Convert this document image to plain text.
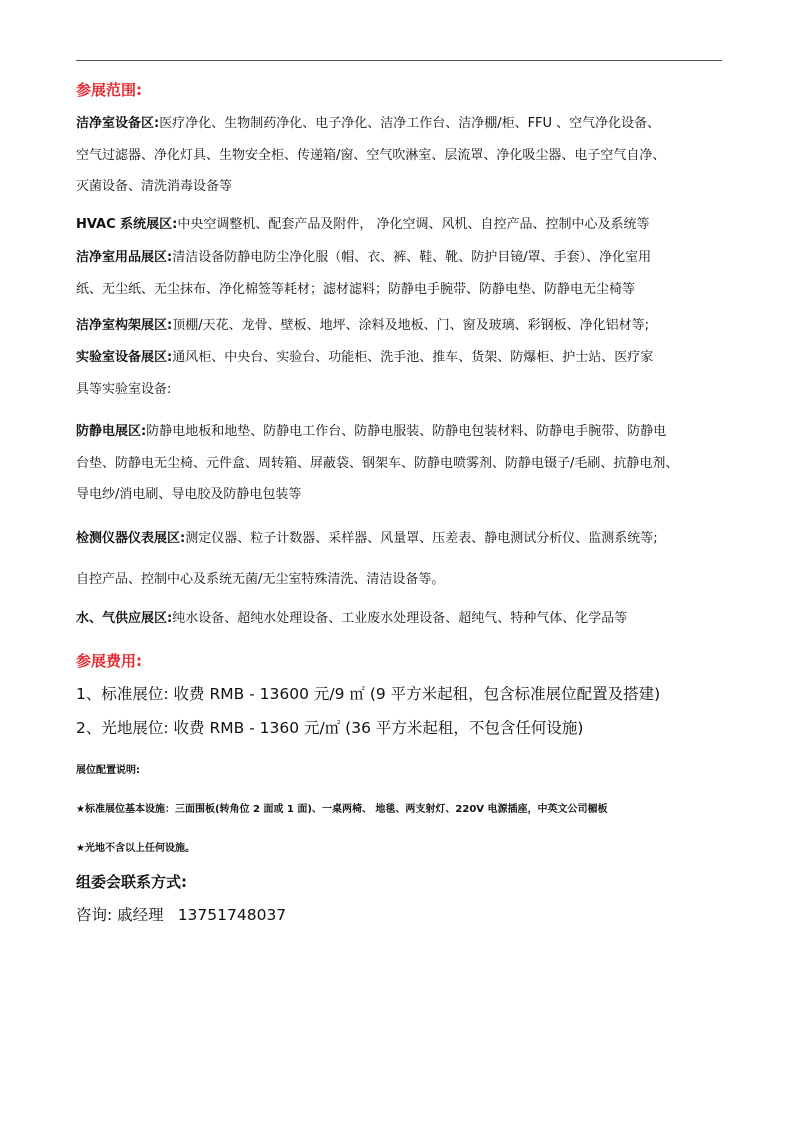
参展范围:
洁净室设备区:医疗净化、生物制药净化、电子净化、洁净工作台、洁净棚/柜、FFU 、空气净化设备、
空气过滤器、净化灯具、生物安全柜、传递箱/窗、空气吹淋室、层流罩、净化吸尘器、电子空气自净、
灭菌设备、清洗消毒设备等
HVAC 系统展区:中央空调整机、配套产品及附件， 净化空调、风机、自控产品、控制中心及系统等
洁净室用品展区:清洁设备防静电防尘净化服（帽、衣、裤、鞋、靴、防护目镜/罩、手套）、净化室用
纸、无尘纸、无尘抹布、净化棉签等耗材；滤材滤料；防静电手腕带、防静电垫、防静电无尘椅等
洁净室构架展区:顶棚/天花、龙骨、壁板、地坪、涂料及地板、门、窗及玻璃、彩钢板、净化铝材等;
实验室设备展区:通风柜、中央台、实验台、功能柜、洗手池、推车、货架、防爆柜、护士站、医疗家
具等实验室设备:
防静电展区:防静电地板和地垫、防静电工作台、防静电服装、防静电包装材料、防静电手腕带、防静电
台垫、防静电无尘椅、元件盒、周转箱、屏蔽袋、钢架车、防静电喷雾剂、防静电镊子/毛刷、抗静电剂、
导电纱/消电刷、导电胶及防静电包装等
检测仪器仪表展区:测定仪器、粒子计数器、采样器、风量罩、压差表、静电测试分析仪、监测系统等;
自控产品、控制中心及系统无菌/无尘室特殊清洗、清洁设备等。
水、气供应展区:纯水设备、超纯水处理设备、工业废水处理设备、超纯气、特种气体、化学品等
参展费用:
1、标准展位: 收费 RMB - 13600 元/9 ㎡ (9 平方米起租，包含标准展位配置及搭建)
2、光地展位: 收费 RMB - 1360 元/㎡ (36 平方米起租，不包含任何设施)
展位配置说明:
★标准展位基本设施：三面围板(转角位 2 面或 1 面)、一桌两椅、 地毯、两支射灯、220V 电源插座，中英文公司楣板
★光地不含以上任何设施。
组委会联系方式:
咨询: 戚经理 13751748037
